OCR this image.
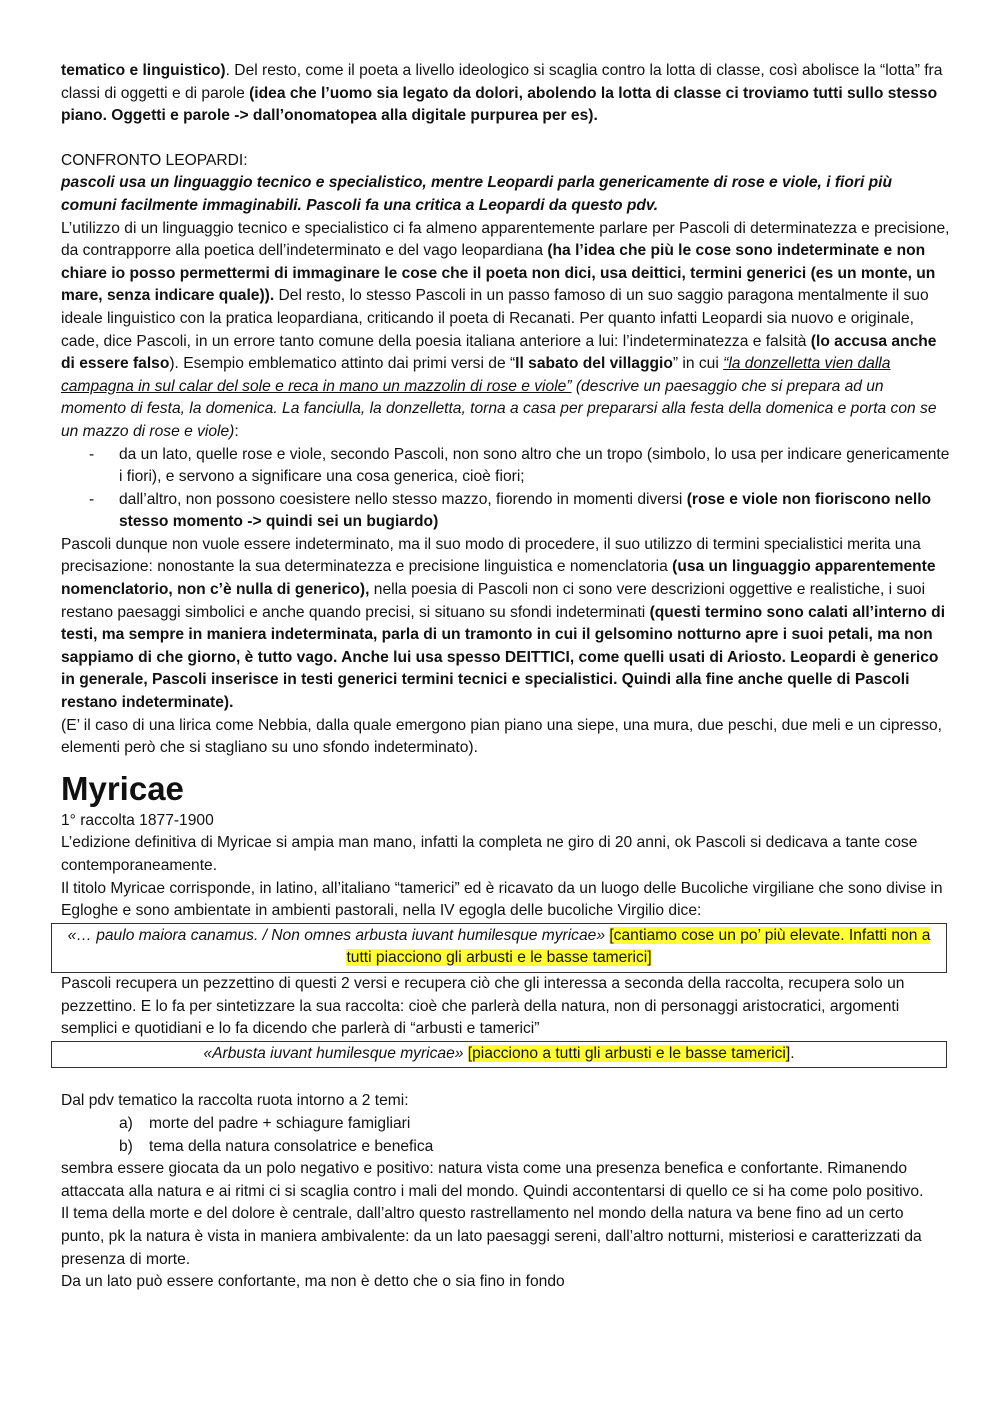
tematico e linguistico). Del resto, come il poeta a livello ideologico si scaglia contro la lotta di classe, così abolisce la “lotta” fra classi di oggetti e di parole (idea che l’uomo sia legato da dolori, abolendo la lotta di classe ci troviamo tutti sullo stesso piano. Oggetti e parole -> dall’onomatopea alla digitale purpurea per es).

CONFRONTO LEOPARDI:

pascoli usa un linguaggio tecnico e specialistico, mentre Leopardi parla genericamente di rose e viole, i fiori più comuni facilmente immaginabili. Pascoli fa una critica a Leopardi da questo pdv.

L’utilizzo di un linguaggio tecnico e specialistico ci fa almeno apparentemente parlare per Pascoli di determinatezza e precisione, da contrapporre alla poetica dell’indeterminato e del vago leopardiana (ha l’idea che più le cose sono indeterminate e non chiare io posso permettermi di immaginare le cose che il poeta non dici, usa deittici, termini generici (es un monte, un mare, senza indicare quale)). Del resto, lo stesso Pascoli in un passo famoso di un suo saggio paragona mentalmente il suo ideale linguistico con la pratica leopardiana, criticando il poeta di Recanati. Per quanto infatti Leopardi sia nuovo e originale, cade, dice Pascoli, in un errore tanto comune della poesia italiana anteriore a lui: l’indeterminatezza e falsità (lo accusa anche di essere falso). Esempio emblematico attinto dai primi versi de “Il sabato del villaggio” in cui “la donzelletta vien dalla campagna in sul calar del sole e reca in mano un mazzolin di rose e viole” (descrive un paesaggio che si prepara ad un momento di festa, la domenica. La fanciulla, la donzelletta, torna a casa per prepararsi alla festa della domenica e porta con se un mazzo di rose e viole):

- da un lato, quelle rose e viole, secondo Pascoli, non sono altro che un tropo (simbolo, lo usa per indicare genericamente i fiori), e servono a significare una cosa generica, cioè fiori;
- dall’altro, non possono coesistere nello stesso mazzo, fiorendo in momenti diversi (rose e viole non fioriscono nello stesso momento -> quindi sei un bugiardo)

Pascoli dunque non vuole essere indeterminato, ma il suo modo di procedere, il suo utilizzo di termini specialistici merita una precisazione: nonostante la sua determinatezza e precisione linguistica e nomenclatoria (usa un linguaggio apparentemente nomenclatorio, non c’è nulla di generico), nella poesia di Pascoli non ci sono vere descrizioni oggettive e realistiche, i suoi restano paesaggi simbolici e anche quando precisi, si situano su sfondi indeterminati (questi termino sono calati all’interno di testi, ma sempre in maniera indeterminata, parla di un tramonto in cui il gelsomino notturno apre i suoi petali, ma non sappiamo di che giorno, è tutto vago. Anche lui usa spesso DEITTICI, come quelli usati di Ariosto. Leopardi è generico in generale, Pascoli inserisce in testi generici termini tecnici e specialistici. Quindi alla fine anche quelle di Pascoli restano indeterminate).

(E’ il caso di una lirica come Nebbia, dalla quale emergono pian piano una siepe, una mura, due peschi, due meli e un cipresso, elementi però che si stagliano su uno sfondo indeterminato).

Myricae

1° raccolta 1877-1900

L’edizione definitiva di Myricae si ampia man mano, infatti la completa ne giro di 20 anni, ok Pascoli si dedicava a tante cose contemporaneamente.

Il titolo Myricae corrisponde, in latino, all’italiano “tamerici” ed è ricavato da un luogo delle Bucoliche virgiliane che sono divise in Egloghe e sono ambientate in ambienti pastorali, nella IV egogla delle bucoliche Virgilio dice:

«… paulo maiora canamus. / Non omnes arbusta iuvant humilesque myricae» [cantiamo cose un po’ più elevate. Infatti non a tutti piacciono gli arbusti e le basse tamerici]

Pascoli recupera un pezzettino di questi 2 versi e recupera ciò che gli interessa a seconda della raccolta, recupera solo un pezzettino. E lo fa per sintetizzare la sua raccolta: cioè che parlerà della natura, non di personaggi aristocratici, argomenti semplici e quotidiani e lo fa dicendo che parlerà di “arbusti e tamerici”

«Arbusta iuvant humilesque myricae» [piacciono a tutti gli arbusti e le basse tamerici].

Dal pdv tematico la raccolta ruota intorno a 2 temi:

a) morte del padre + schiagure famigliari
b) tema della natura consolatrice e benefica

sembra essere giocata da un polo negativo e positivo: natura vista come una presenza benefica e confortante. Rimanendo attaccata alla natura e ai ritmi ci si scaglia contro i mali del mondo. Quindi accontentarsi di quello ce si ha come polo positivo.

Il tema della morte e del dolore è centrale, dall’altro questo rastrellamento nel mondo della natura va bene fino ad un certo punto, pk la natura è vista in maniera ambivalente: da un lato paesaggi sereni, dall’altro notturni, misteriosi e caratterizzati da presenza di morte.

Da un lato può essere confortante, ma non è detto che o sia fino in fondo
